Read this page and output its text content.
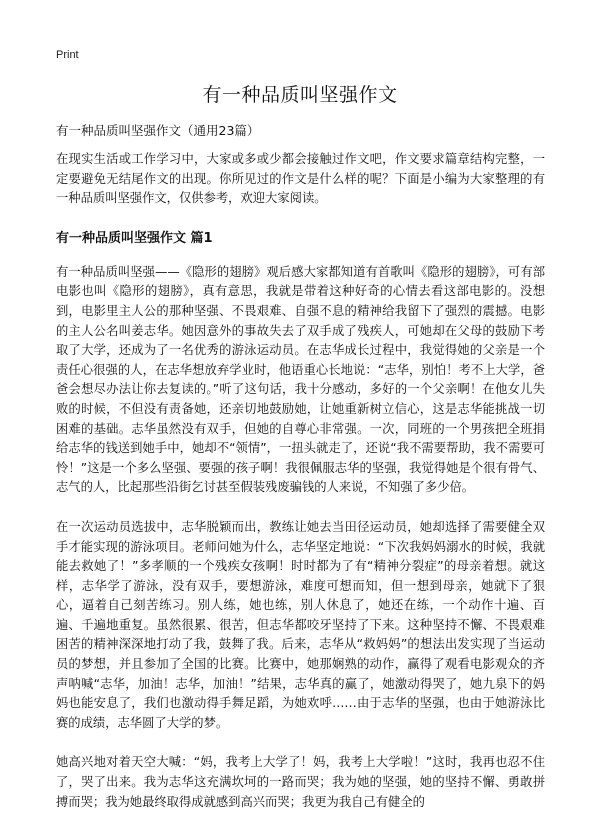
Print
有一种品质叫坚强作文
有一种品质叫坚强作文（通用23篇）

在现实生活或工作学习中，大家或多或少都会接触过作文吧，作文要求篇章结构完整，一定要避免无结尾作文的出现。你所见过的作文是什么样的呢？下面是小编为大家整理的有一种品质叫坚强作文，仅供参考，欢迎大家阅读。

有一种品质叫坚强作文 篇1

有一种品质叫坚强——《隐形的翅膀》观后感大家都知道有首歌叫《隐形的翅膀》，可有部电影也叫《隐形的翅膀》，真有意思，我就是带着这种好奇的心情去看这部电影的。没想到，电影里主人公的那种坚强、不畏艰难、自强不息的精神给我留下了强烈的震撼。电影的主人公名叫姜志华。她因意外的事故失去了双手成了残疾人，可她却在父母的鼓励下考取了大学，还成为了一名优秀的游泳运动员。在志华成长过程中，我觉得她的父亲是一个责任心很强的人，在志华想放弃学业时，他语重心长地说：“志华，别怕！考不上大学，爸爸会想尽办法让你去复读的。”听了这句话，我十分感动，多好的一个父亲啊！在他女儿失败的时候，不但没有责备她，还亲切地鼓励她，让她重新树立信心，这是志华能挑战一切困难的基础。志华虽然没有双手，但她的自尊心非常强。一次，同班的一个男孩把全班捐给志华的钱送到她手中，她却不“领情”，一扭头就走了，还说“我不需要帮助，我不需要可怜！”这是一个多么坚强、要强的孩子啊！我很佩服志华的坚强，我觉得她是个很有骨气、志气的人，比起那些沿街乞讨甚至假装残废骗钱的人来说，不知强了多少倍。

在一次运动员选拔中，志华脱颖而出，教练让她去当田径运动员，她却选择了需要健全双手才能实现的游泳项目。老师问她为什么，志华坚定地说：“下次我妈妈溺水的时候，我就能去救她了！”多孝顺的一个残疾女孩啊！时时都为了有“精神分裂症”的母亲着想。就这样，志华学了游泳，没有双手，要想游泳，难度可想而知，但一想到母亲，她就下了狠心，逼着自己刻苦练习。别人练，她也练，别人休息了，她还在练，一个动作十遍、百遍、千遍地重复。虽然很累、很苦，但志华都咬牙坚持了下来。这种坚持不懈、不畏艰难困苦的精神深深地打动了我，鼓舞了我。后来，志华从“救妈妈”的想法出发实现了当运动员的梦想，并且参加了全国的比赛。比赛中，她那娴熟的动作，赢得了观看电影观众的齐声呐喊“志华，加油！志华，加油！”结果，志华真的赢了，她激动得哭了，她九泉下的妈妈也能安息了，我们也激动得手舞足蹈，为她欢呼……由于志华的坚强，也由于她游泳比赛的成绩，志华圆了大学的梦。

她高兴地对着天空大喊：“妈，我考上大学了！妈，我考上大学啦！”这时，我再也忍不住了，哭了出来。我为志华这充满坎坷的一路而哭；我为她的坚强，她的坚持不懈、勇敢拼搏而哭；我为她最终取得成就感到高兴而哭；我更为我自己有健全的
